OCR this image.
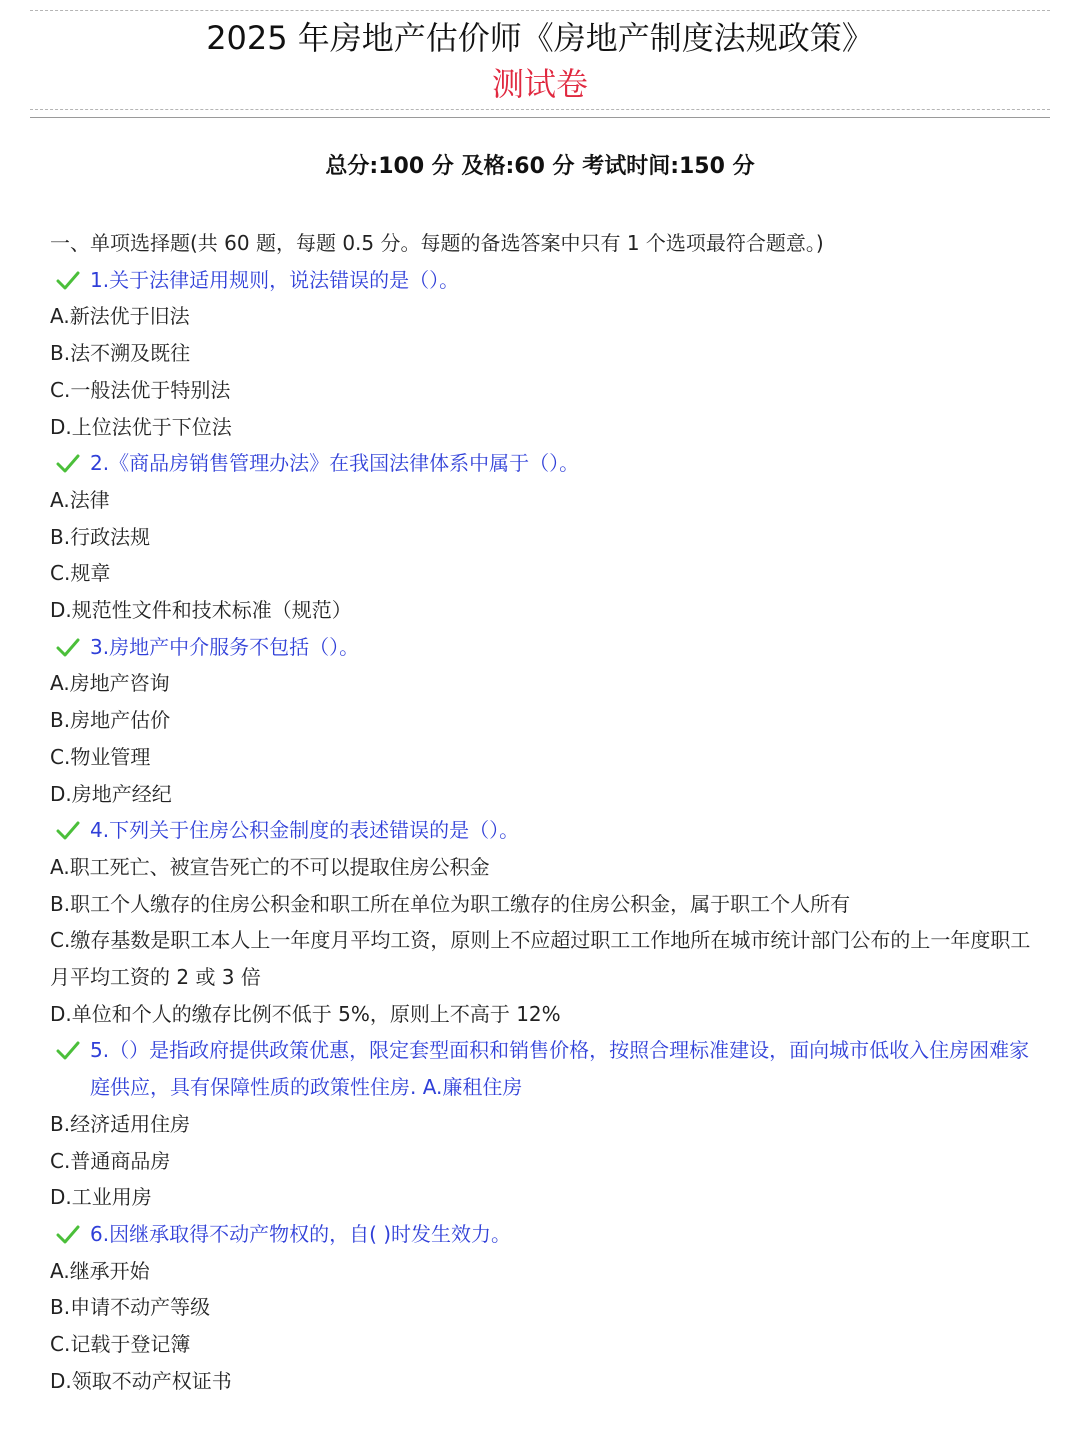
2025 年房地产估价师《房地产制度法规政策》
测试卷
总分:100 分 及格:60 分 考试时间:150 分
一、单项选择题(共 60 题，每题 0.5 分。每题的备选答案中只有 1 个选项最符合题意。)
1.关于法律适用规则，说法错误的是（）。
A.新法优于旧法
B.法不溯及既往
C.一般法优于特别法
D.上位法优于下位法
2.《商品房销售管理办法》在我国法律体系中属于（）。
A.法律
B.行政法规
C.规章
D.规范性文件和技术标准（规范）
3.房地产中介服务不包括（）。
A.房地产咨询
B.房地产估价
C.物业管理
D.房地产经纪
4.下列关于住房公积金制度的表述错误的是（）。
A.职工死亡、被宣告死亡的不可以提取住房公积金
B.职工个人缴存的住房公积金和职工所在单位为职工缴存的住房公积金，属于职工个人所有
C.缴存基数是职工本人上一年度月平均工资，原则上不应超过职工工作地所在城市统计部门公布的上一年度职工月平均工资的 2 或 3 倍
D.单位和个人的缴存比例不低于 5%，原则上不高于 12%
5.（）是指政府提供政策优惠，限定套型面积和销售价格，按照合理标准建设，面向城市低收入住房困难家庭供应，具有保障性质的政策性住房. A.廉租住房
B.经济适用住房
C.普通商品房
D.工业用房
6.因继承取得不动产物权的，自( )时发生效力。
A.继承开始
B.申请不动产等级
C.记载于登记簿
D.领取不动产权证书
